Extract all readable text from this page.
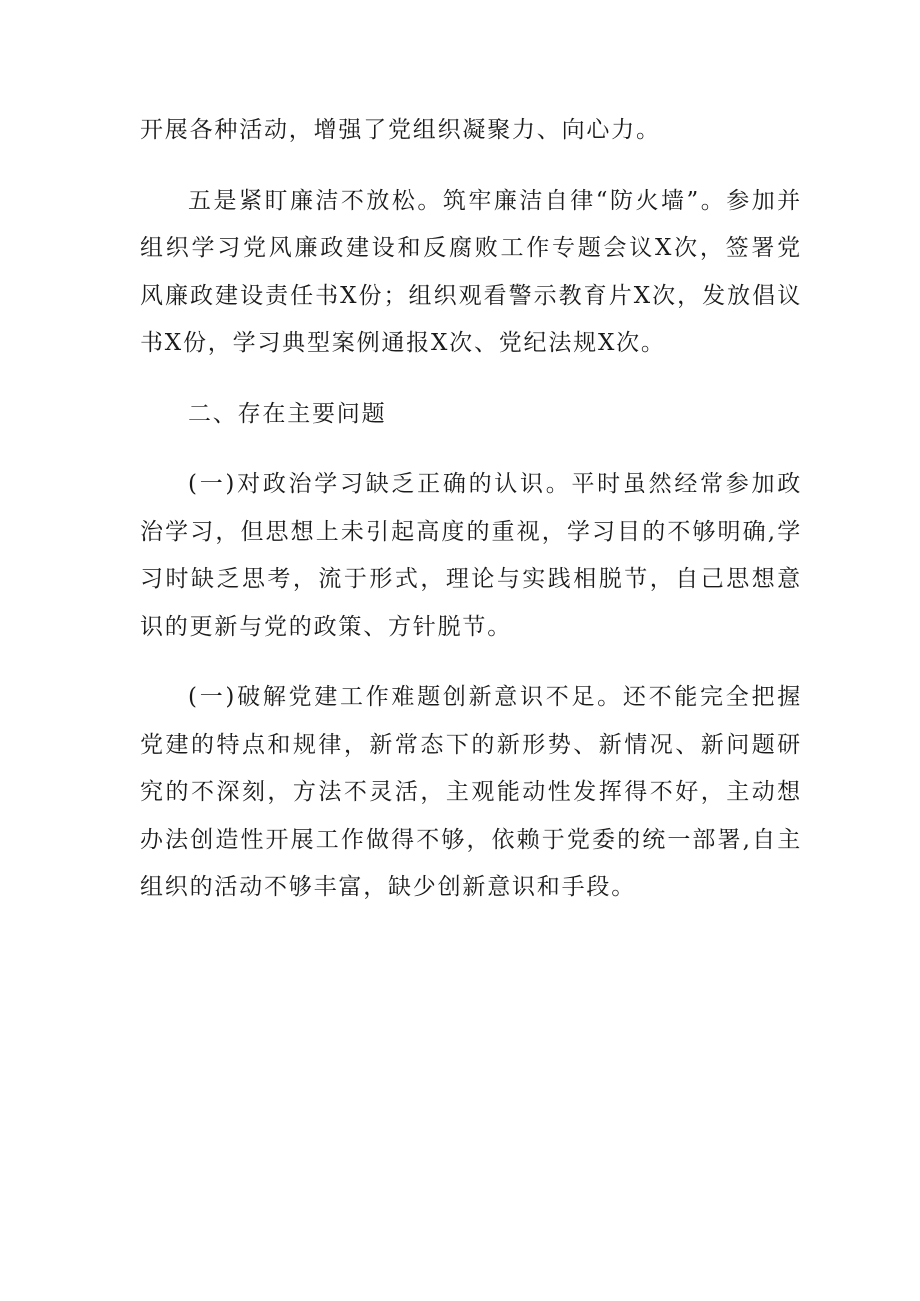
开展各种活动，增强了党组织凝聚力、向心力。

五是紧盯廉洁不放松。筑牢廉洁自律“防火墙”。参加并组织学习党风廉政建设和反腐败工作专题会议X次，签署党风廉政建设责任书X份；组织观看警示教育片X次，发放倡议书X份，学习典型案例通报X次、党纪法规X次。

二、存在主要问题

(一)对政治学习缺乏正确的认识。平时虽然经常参加政治学习，但思想上未引起高度的重视，学习目的不够明确,学习时缺乏思考，流于形式，理论与实践相脱节，自己思想意识的更新与党的政策、方针脱节。

(一)破解党建工作难题创新意识不足。还不能完全把握党建的特点和规律，新常态下的新形势、新情况、新问题研究的不深刻，方法不灵活，主观能动性发挥得不好，主动想办法创造性开展工作做得不够，依赖于党委的统一部署,自主组织的活动不够丰富，缺少创新意识和手段。
